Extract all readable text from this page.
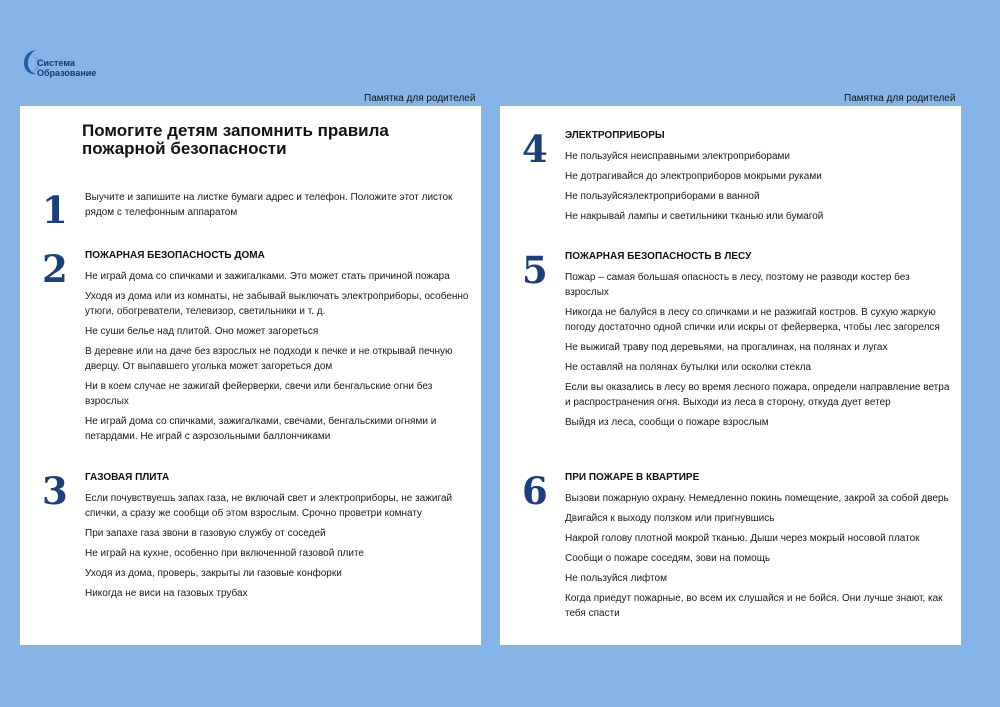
Система
Образование
Памятка для родителей	Памятка для родителей
Помогите детям запомнить правила пожарной безопасности
1 Выучите и запишите на листке бумаги адрес и телефон. Положите этот листок рядом с телефонным аппаратом
2 ПОЖАРНАЯ БЕЗОПАСНОСТЬ ДОМА
Не играй дома со спичками и зажигалками. Это может стать причиной пожара
Уходя из дома или из комнаты, не забывай выключать электроприборы, особенно утюги, обогреватели, телевизор, светильники и т. д.
Не суши белье над плитой. Оно может загореться
В деревне или на даче без взрослых не подходи к печке и не открывай печную дверцу. От выпавшего уголька может загореться дом
Ни в коем случае не зажигай фейерверки, свечи или бенгальские огни без взрослых
Не играй дома со спичками, зажигалками, свечами, бенгальскими огнями и петардами. Не играй с аэрозольными баллончиками
3 ГАЗОВАЯ ПЛИТА
Если почувствуешь запах газа, не включай свет и электроприборы, не зажигай спички, а сразу же сообщи об этом взрослым. Срочно проветри комнату
При запахе газа звони в газовую службу от соседей
Не играй на кухне, особенно при включенной газовой плите
Уходя из дома, проверь, закрыты ли газовые конфорки
Никогда не виси на газовых трубах
4 ЭЛЕКТРОПРИБОРЫ
Не пользуйся неисправными электроприборами
Не дотрагивайся до электроприборов мокрыми руками
Не пользуйсяэлектроприборами в ванной
Не накрывай лампы и светильники тканью или бумагой
5 ПОЖАРНАЯ БЕЗОПАСНОСТЬ В ЛЕСУ
Пожар – самая большая опасность в лесу, поэтому не разводи костер без взрослых
Никогда не балуйся в лесу со спичками и не разжигай костров. В сухую жаркую погоду достаточно одной спички или искры от фейерверка, чтобы лес загорелся
Не выжигай траву под деревьями, на прогалинах, на полянах и лугах
Не оставляй на полянах бутылки или осколки стекла
Если вы оказались в лесу во время лесного пожара, определи направление ветра и распространения огня. Выходи из леса в сторону, откуда дует ветер
Выйдя из леса, сообщи о пожаре взрослым
6 ПРИ ПОЖАРЕ В КВАРТИРЕ
Вызови пожарную охрану. Немедленно покинь помещение, закрой за собой дверь
Двигайся к выходу ползком или пригнувшись
Накрой голову плотной мокрой тканью. Дыши через мокрый носовой платок
Сообщи о пожаре соседям, зови на помощь
Не пользуйся лифтом
Когда приедут пожарные, во всем их слушайся и не бойся. Они лучше знают, как тебя спасти
